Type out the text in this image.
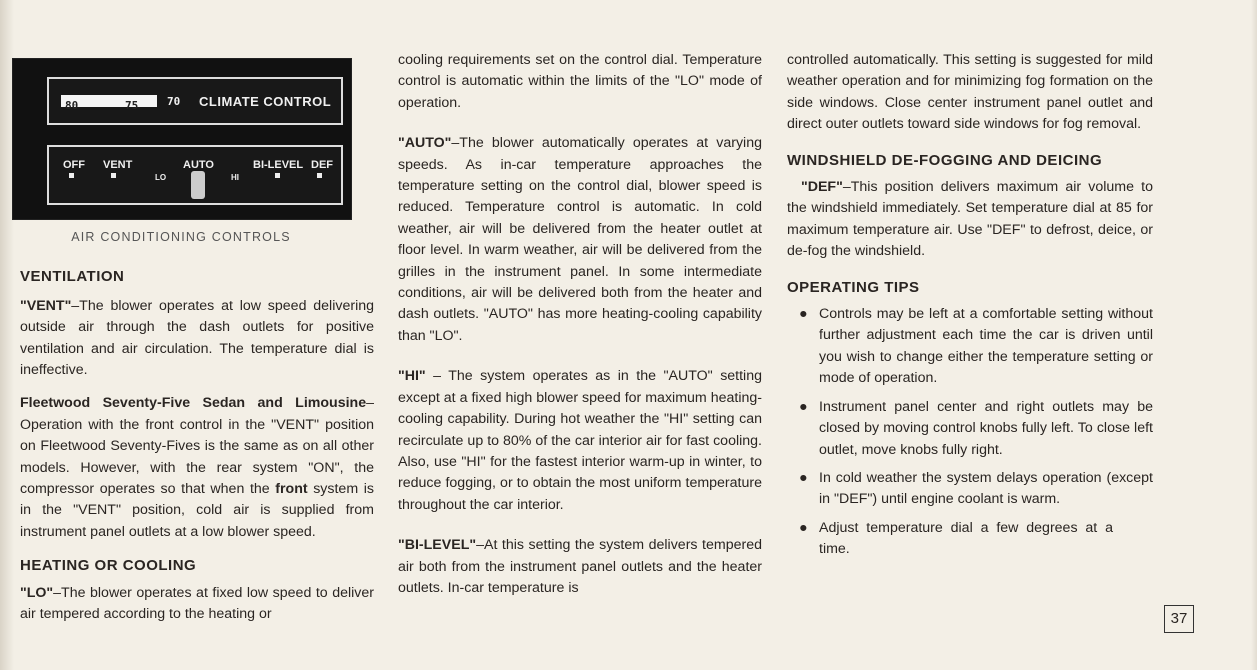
80	75	70 CLIMATE CONTROL
OFF VENT
LO
AUTO
HI
BI-LEVEL DEF
AIR CONDITIONING CONTROLS

VENTILATION

"VENT"–The blower operates at low speed delivering outside air through the dash outlets for positive ventilation and air circulation. The temperature dial is ineffective.

Fleetwood Seventy-Five Sedan and Limousine– Operation with the front control in the "VENT" position on Fleetwood Seventy-Fives is the same as on all other models. However, with the rear system "ON", the compressor operates so that when the front system is in the "VENT" position, cold air is supplied from instrument panel outlets at a low blower speed.

HEATING OR COOLING

"LO"–The blower operates at fixed low speed to deliver air tempered according to the heating or

cooling requirements set on the control dial. Temperature control is automatic within the limits of the "LO" mode of operation.

"AUTO"–The blower automatically operates at varying speeds. As in-car temperature approaches the temperature setting on the control dial, blower speed is reduced. Temperature control is automatic. In cold weather, air will be delivered from the heater outlet at floor level. In warm weather, air will be delivered from the grilles in the instrument panel. In some intermediate conditions, air will be delivered both from the heater and dash outlets. "AUTO" has more heating-cooling capability than "LO".

"HI" – The system operates as in the "AUTO" setting except at a fixed high blower speed for maximum heating-cooling capability. During hot weather the "HI" setting can recirculate up to 80% of the car interior air for fast cooling. Also, use "HI" for the fastest interior warm-up in winter, to reduce fogging, or to obtain the most uniform temperature throughout the car interior.

"BI-LEVEL"–At this setting the system delivers tempered air both from the instrument panel outlets and the heater outlets. In-car temperature is

controlled automatically. This setting is suggested for mild weather operation and for minimizing fog formation on the side windows. Close center instrument panel outlet and direct outer outlets toward side windows for fog removal.

WINDSHIELD DE-FOGGING AND DEICING

"DEF"–This position delivers maximum air volume to the windshield immediately. Set temperature dial at 85 for maximum temperature air. Use "DEF" to defrost, deice, or de-fog the windshield.

OPERATING TIPS

● Controls may be left at a comfortable setting without further adjustment each time the car is driven until you wish to change either the temperature setting or mode of operation.
● Instrument panel center and right outlets may be closed by moving control knobs fully left. To close left outlet, move knobs fully right.
● In cold weather the system delays operation (except in "DEF") until engine coolant is warm.
● Adjust temperature dial a few degrees at a time.
37
